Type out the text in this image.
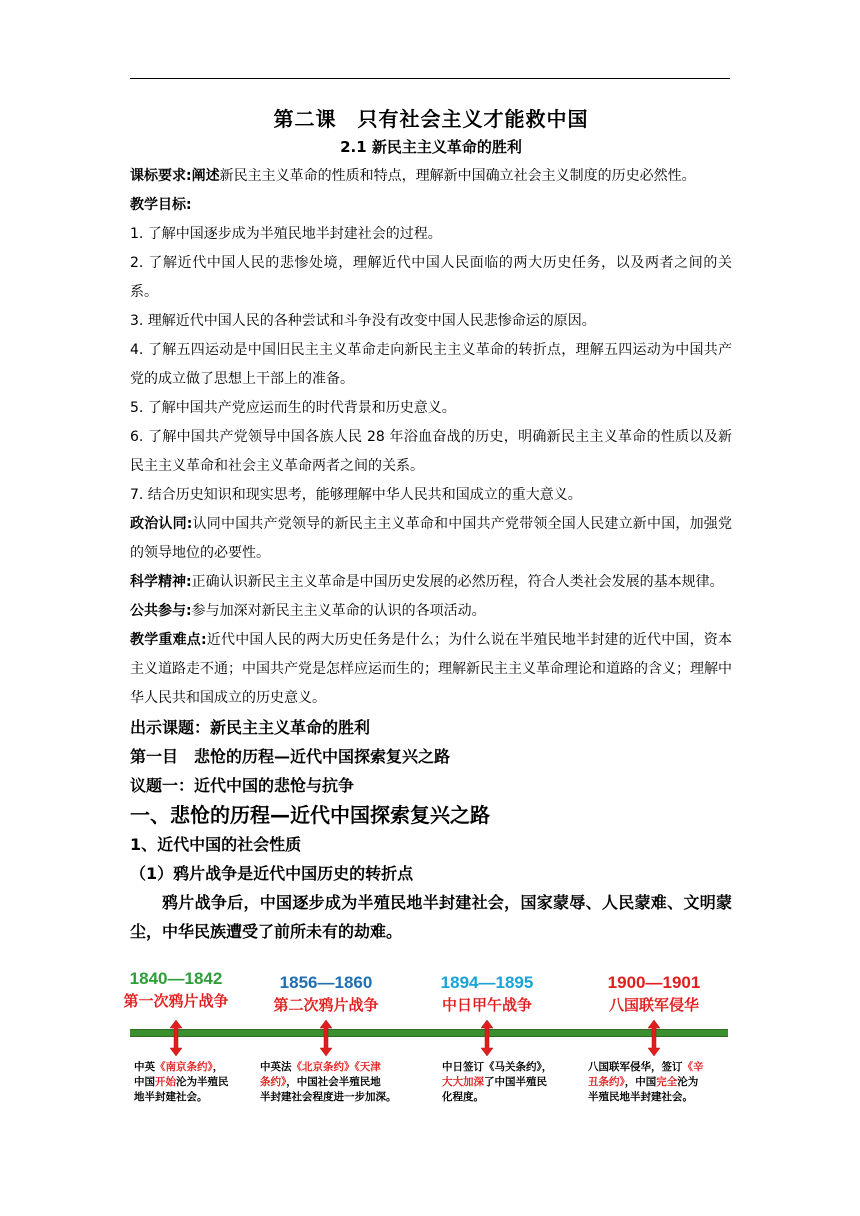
第二课　只有社会主义才能救中国
2.1 新民主主义革命的胜利

课标要求:阐述新民主主义革命的性质和特点，理解新中国确立社会主义制度的历史必然性。

教学目标:

1. 了解中国逐步成为半殖民地半封建社会的过程。

2. 了解近代中国人民的悲惨处境，理解近代中国人民面临的两大历史任务，以及两者之间的关系。

3. 理解近代中国人民的各种尝试和斗争没有改变中国人民悲惨命运的原因。

4. 了解五四运动是中国旧民主主义革命走向新民主主义革命的转折点，理解五四运动为中国共产党的成立做了思想上干部上的准备。

5. 了解中国共产党应运而生的时代背景和历史意义。

6. 了解中国共产党领导中国各族人民 28 年浴血奋战的历史，明确新民主主义革命的性质以及新民主主义革命和社会主义革命两者之间的关系。

7. 结合历史知识和现实思考，能够理解中华人民共和国成立的重大意义。

政治认同:认同中国共产党领导的新民主主义革命和中国共产党带领全国人民建立新中国，加强党的领导地位的必要性。

科学精神:正确认识新民主主义革命是中国历史发展的必然历程，符合人类社会发展的基本规律。

公共参与:参与加深对新民主主义革命的认识的各项活动。

教学重难点:近代中国人民的两大历史任务是什么；为什么说在半殖民地半封建的近代中国，资本主义道路走不通；中国共产党是怎样应运而生的；理解新民主主义革命理论和道路的含义；理解中华人民共和国成立的历史意义。

出示课题：新民主主义革命的胜利

第一目　悲怆的历程—近代中国探索复兴之路

议题一：近代中国的悲怆与抗争

一、悲怆的历程—近代中国探索复兴之路

1、近代中国的社会性质

（1）鸦片战争是近代中国历史的转折点

鸦片战争后，中国逐步成为半殖民地半封建社会，国家蒙辱、人民蒙难、文明蒙尘，中华民族遭受了前所未有的劫难。

1840—1842
第一次鸦片战争
中英《南京条约》，
中国开始沦为半殖民
地半封建社会。
1856—1860
第二次鸦片战争
中英法《北京条约》《天津
条约》，中国社会半殖民地
半封建社会程度进一步加深。
1894—1895
中日甲午战争
中日签订《马关条约》，
大大加深了中国半殖民
化程度。
1900—1901
八国联军侵华
八国联军侵华，签订《辛
丑条约》，中国完全沦为
半殖民地半封建社会。
